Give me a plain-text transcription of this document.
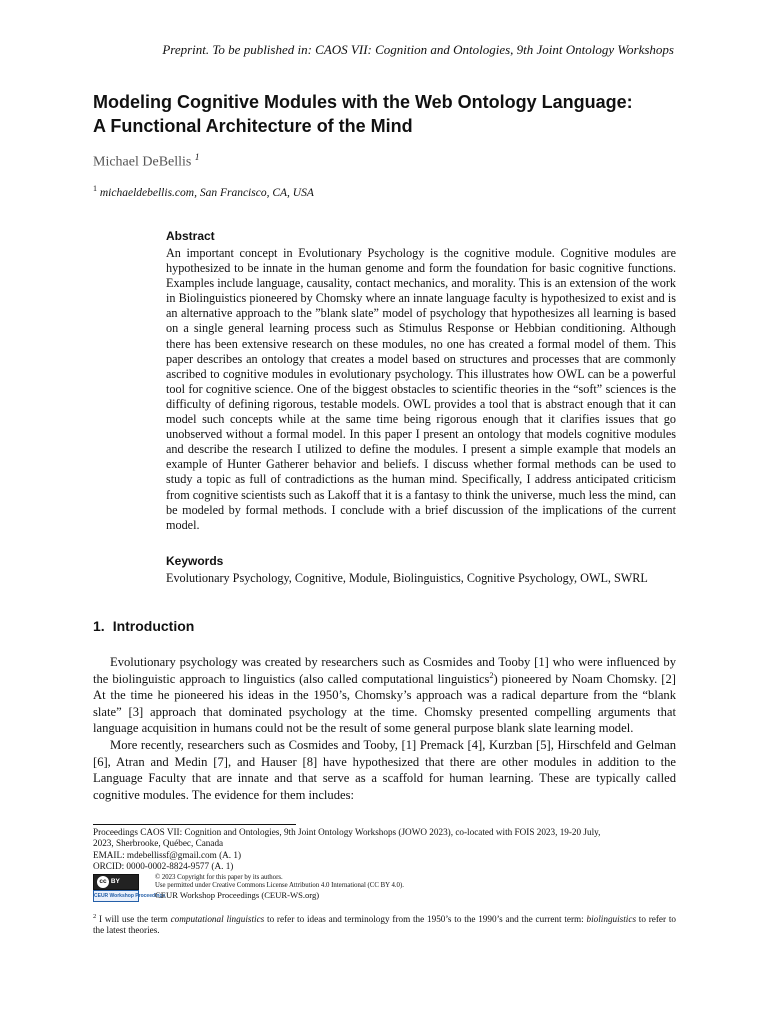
Preprint. To be published in: CAOS VII: Cognition and Ontologies, 9th Joint Ontology Workshops
Modeling Cognitive Modules with the Web Ontology Language:
A Functional Architecture of the Mind
Michael DeBellis $^1$
$^1$ michaeldebellis.com, San Francisco, CA, USA
Abstract

An important concept in Evolutionary Psychology is the cognitive module. Cognitive modules are hypothesized to be innate in the human genome and form the foundation for basic cognitive functions. Examples include language, causality, contact mechanics, and morality. This is an extension of the work in Biolinguistics pioneered by Chomsky where an innate language faculty is hypothesized to exist and is an alternative approach to the ”blank slate” model of psychology that hypothesizes all learning is based on a single general learning process such as Stimulus Response or Hebbian conditioning. Although there has been extensive research on these modules, no one has created a formal model of them. This paper describes an ontology that creates a model based on structures and processes that are commonly ascribed to cognitive modules in evolutionary psychology. This illustrates how OWL can be a powerful tool for cognitive science. One of the biggest obstacles to scientific theories in the “soft” sciences is the difficulty of defining rigorous, testable models. OWL provides a tool that is abstract enough that it can model such concepts while at the same time being rigorous enough that it clarifies issues that go unobserved without a formal model. In this paper I present an ontology that models cognitive modules and describe the research I utilized to define the modules. I present a simple example that models an example of Hunter Gatherer behavior and beliefs. I discuss whether formal methods can be used to study a topic as full of contradictions as the human mind. Specifically, I address anticipated criticism from cognitive scientists such as Lakoff that it is a fantasy to think the universe, much less the mind, can be modeled by formal methods. I conclude with a brief discussion of the implications of the current model.

Keywords

Evolutionary Psychology, Cognitive, Module, Biolinguistics, Cognitive Psychology, OWL, SWRL

1. Introduction

Evolutionary psychology was created by researchers such as Cosmides and Tooby [1] who were influenced by the biolinguistic approach to linguistics (also called computational linguistics$^2$) pioneered by Noam Chomsky. [2] At the time he pioneered his ideas in the 1950’s, Chomsky’s approach was a radical departure from the “blank slate” [3] approach that dominated psychology at the time. Chomsky presented compelling arguments that language acquisition in humans could not be the result of some general purpose blank slate learning model.

More recently, researchers such as Cosmides and Tooby, [1] Premack [4], Kurzban [5], Hirschfeld and Gelman [6], Atran and Medin [7], and Hauser [8] have hypothesized that there are other modules in addition to the Language Faculty that are innate and that serve as a scaffold for human learning. These are typically called cognitive modules. The evidence for them includes:

Proceedings CAOS VII: Cognition and Ontologies, 9th Joint Ontology Workshops (JOWO 2023), co-located with FOIS 2023, 19-20 July,
2023, Sherbrooke, Québec, Canada
EMAIL: mdebellissf@gmail.com (A. 1)
ORCID: 0000-0002-8824-9577 (A. 1)
cc BY
© 2023 Copyright for this paper by its authors.
Use permitted under Creative Commons License Attribution 4.0 International (CC BY 4.0).
CEUR Workshop Proceedings
CEUR Workshop Proceedings (CEUR-WS.org)
$^2$ I will use the term computational linguistics to refer to ideas and terminology from the 1950’s to the 1990’s and the current term: biolinguistics to refer to the latest theories.
